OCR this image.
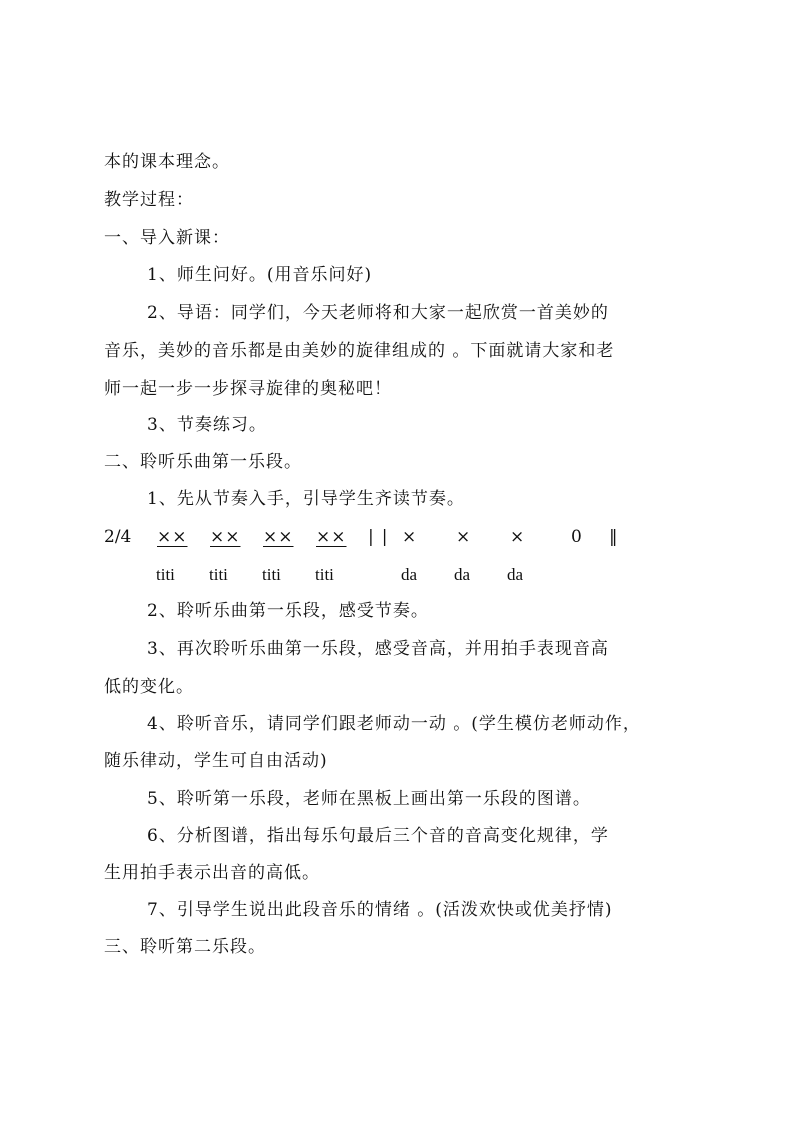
本的课本理念。

教学过程：

一、导入新课：

1、师生问好。(用音乐问好)

2、导语：同学们，今天老师将和大家一起欣赏一首美妙的

音乐，美妙的音乐都是由美妙的旋律组成的 。下面就请大家和老

师一起一步一步探寻旋律的奥秘吧！

3、节奏练习。

二、聆听乐曲第一乐段。

1、先从节奏入手，引导学生齐读节奏。

2/4 ×× ×× ×× ×× || × × ×	0 ‖
titi titi titi titi	da da da

2、聆听乐曲第一乐段，感受节奏。

3、再次聆听乐曲第一乐段，感受音高，并用拍手表现音高

低的变化。

4、聆听音乐，请同学们跟老师动一动 。(学生模仿老师动作，

随乐律动，学生可自由活动)

5、聆听第一乐段，老师在黑板上画出第一乐段的图谱。

6、分析图谱，指出每乐句最后三个音的音高变化规律，学

生用拍手表示出音的高低。

7、引导学生说出此段音乐的情绪 。(活泼欢快或优美抒情)

三、聆听第二乐段。
